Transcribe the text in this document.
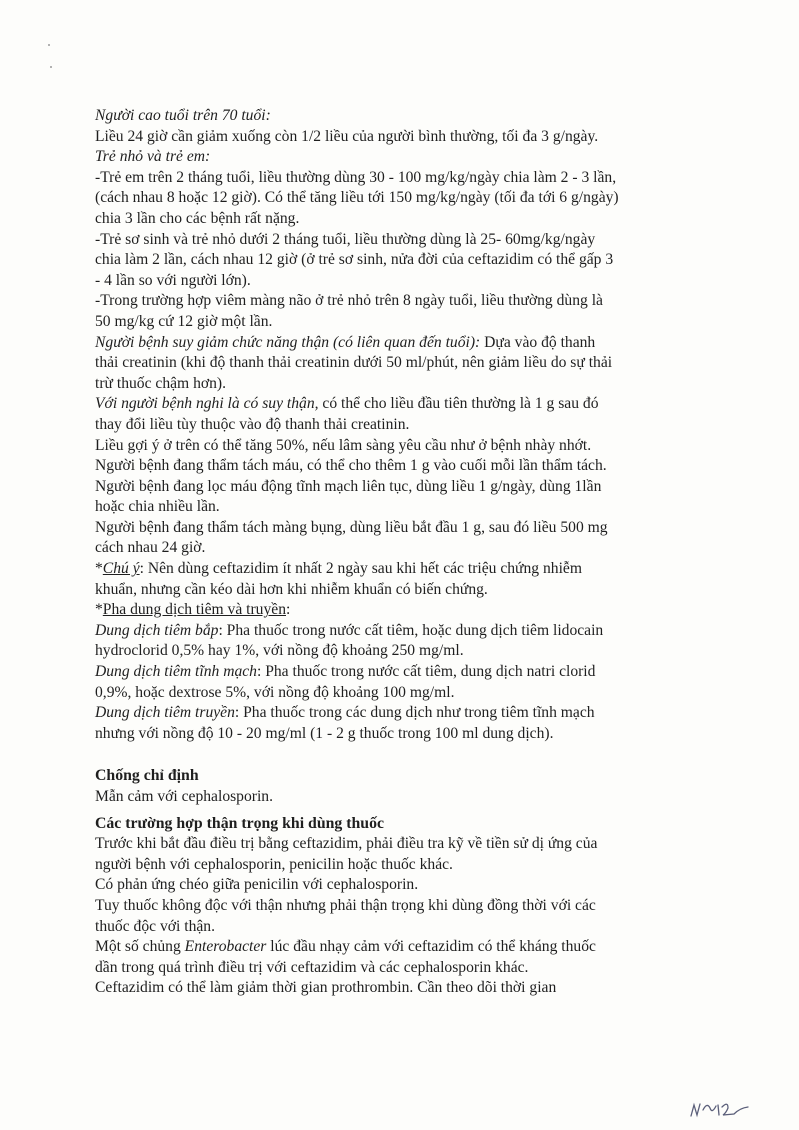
Người cao tuổi trên 70 tuổi:
Liều 24 giờ cần giảm xuống còn 1/2 liều của người bình thường, tối đa 3 g/ngày.
Trẻ nhỏ và trẻ em:
-Trẻ em trên 2 tháng tuổi, liều thường dùng 30 - 100 mg/kg/ngày chia làm 2 - 3 lần,
(cách nhau 8 hoặc 12 giờ). Có thể tăng liều tới 150 mg/kg/ngày (tối đa tới 6 g/ngày)
chia 3 lần cho các bệnh rất nặng.
-Trẻ sơ sinh và trẻ nhỏ dưới 2 tháng tuổi, liều thường dùng là 25- 60mg/kg/ngày
chia làm 2 lần, cách nhau 12 giờ (ở trẻ sơ sinh, nửa đời của ceftazidim có thể gấp 3
- 4 lần so với người lớn).
-Trong trường hợp viêm màng não ở trẻ nhỏ trên 8 ngày tuổi, liều thường dùng là
50 mg/kg cứ 12 giờ một lần.
Người bệnh suy giảm chức năng thận (có liên quan đến tuổi): Dựa vào độ thanh
thải creatinin (khi độ thanh thải creatinin dưới 50 ml/phút, nên giảm liều do sự thải
trừ thuốc chậm hơn).
Với người bệnh nghi là có suy thận, có thể cho liều đầu tiên thường là 1 g sau đó
thay đổi liều tùy thuộc vào độ thanh thải creatinin.
Liều gợi ý ở trên có thể tăng 50%, nếu lâm sàng yêu cầu như ở bệnh nhày nhớt.
Người bệnh đang thẩm tách máu, có thể cho thêm 1 g vào cuối mỗi lần thẩm tách.
Người bệnh đang lọc máu động tĩnh mạch liên tục, dùng liều 1 g/ngày, dùng 1lần
hoặc chia nhiều lần.
Người bệnh đang thẩm tách màng bụng, dùng liều bắt đầu 1 g, sau đó liều 500 mg
cách nhau 24 giờ.
*Chú ý: Nên dùng ceftazidim ít nhất 2 ngày sau khi hết các triệu chứng nhiễm
khuẩn, nhưng cần kéo dài hơn khi nhiễm khuẩn có biến chứng.
*Pha dung dịch tiêm và truyền:
Dung dịch tiêm bắp: Pha thuốc trong nước cất tiêm, hoặc dung dịch tiêm lidocain
hydroclorid 0,5% hay 1%, với nồng độ khoảng 250 mg/ml.
Dung dịch tiêm tĩnh mạch: Pha thuốc trong nước cất tiêm, dung dịch natri clorid
0,9%, hoặc dextrose 5%, với nồng độ khoảng 100 mg/ml.
Dung dịch tiêm truyền: Pha thuốc trong các dung dịch như trong tiêm tĩnh mạch
nhưng với nồng độ 10 - 20 mg/ml (1 - 2 g thuốc trong 100 ml dung dịch).
Chống chỉ định
Mẫn cảm với cephalosporin.
Các trường hợp thận trọng khi dùng thuốc
Trước khi bắt đầu điều trị bằng ceftazidim, phải điều tra kỹ về tiền sử dị ứng của
người bệnh với cephalosporin, penicilin hoặc thuốc khác.
Có phản ứng chéo giữa penicilin với cephalosporin.
Tuy thuốc không độc với thận nhưng phải thận trọng khi dùng đồng thời với các
thuốc độc với thận.
Một số chủng Enterobacter lúc đầu nhạy cảm với ceftazidim có thể kháng thuốc
dần trong quá trình điều trị với ceftazidim và các cephalosporin khác.
Ceftazidim có thể làm giảm thời gian prothrombin. Cần theo dõi thời gian
